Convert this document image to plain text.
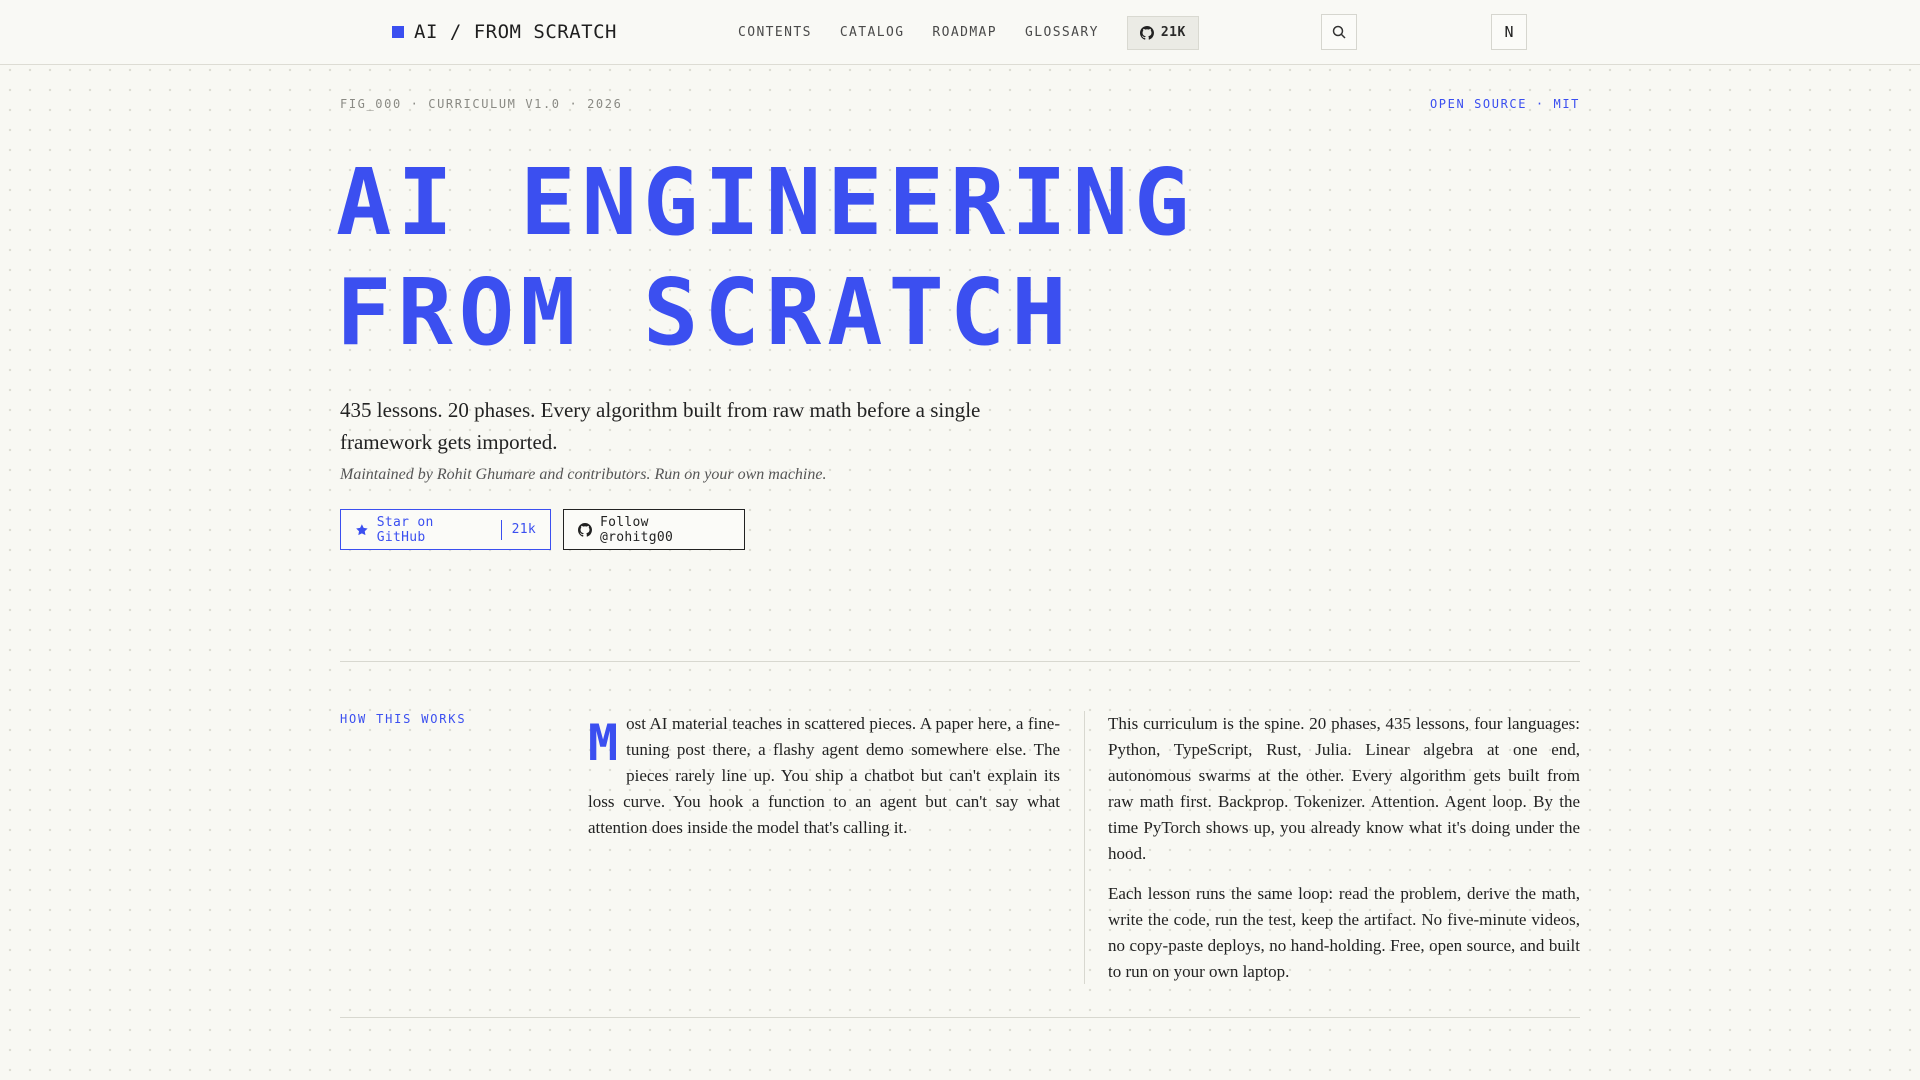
AI / FROM SCRATCH	CONTENTS CATALOG ROADMAP GLOSSARY	21K	N
FIG_000 · CURRICULUM V1.0 · 2026	OPEN SOURCE · MIT
AI ENGINEERING
FROM SCRATCH

435 lessons. 20 phases. Every algorithm built from raw math before a single framework gets imported.

Maintained by Rohit Ghumare and contributors. Run on your own machine.

Star on GitHub	21k	Follow @rohitg00
HOW THIS WORKS M ost AI material teaches in scattered pieces. A paper here, a fine-tuning post there, a flashy agent demo somewhere else. The pieces rarely line up. You ship a chatbot but can't explain its loss curve. You hook a function to an agent but can't say what attention does inside the model that's calling it.

This curriculum is the spine. 20 phases, 435 lessons, four languages: Python, TypeScript, Rust, Julia. Linear algebra at one end, autonomous swarms at the other. Every algorithm gets built from raw math first. Backprop. Tokenizer. Attention. Agent loop. By the time PyTorch shows up, you already know what it's doing under the hood.

Each lesson runs the same loop: read the problem, derive the math, write the code, run the test, keep the artifact. No five-minute videos, no copy-paste deploys, no hand-holding. Free, open source, and built to run on your own laptop.
